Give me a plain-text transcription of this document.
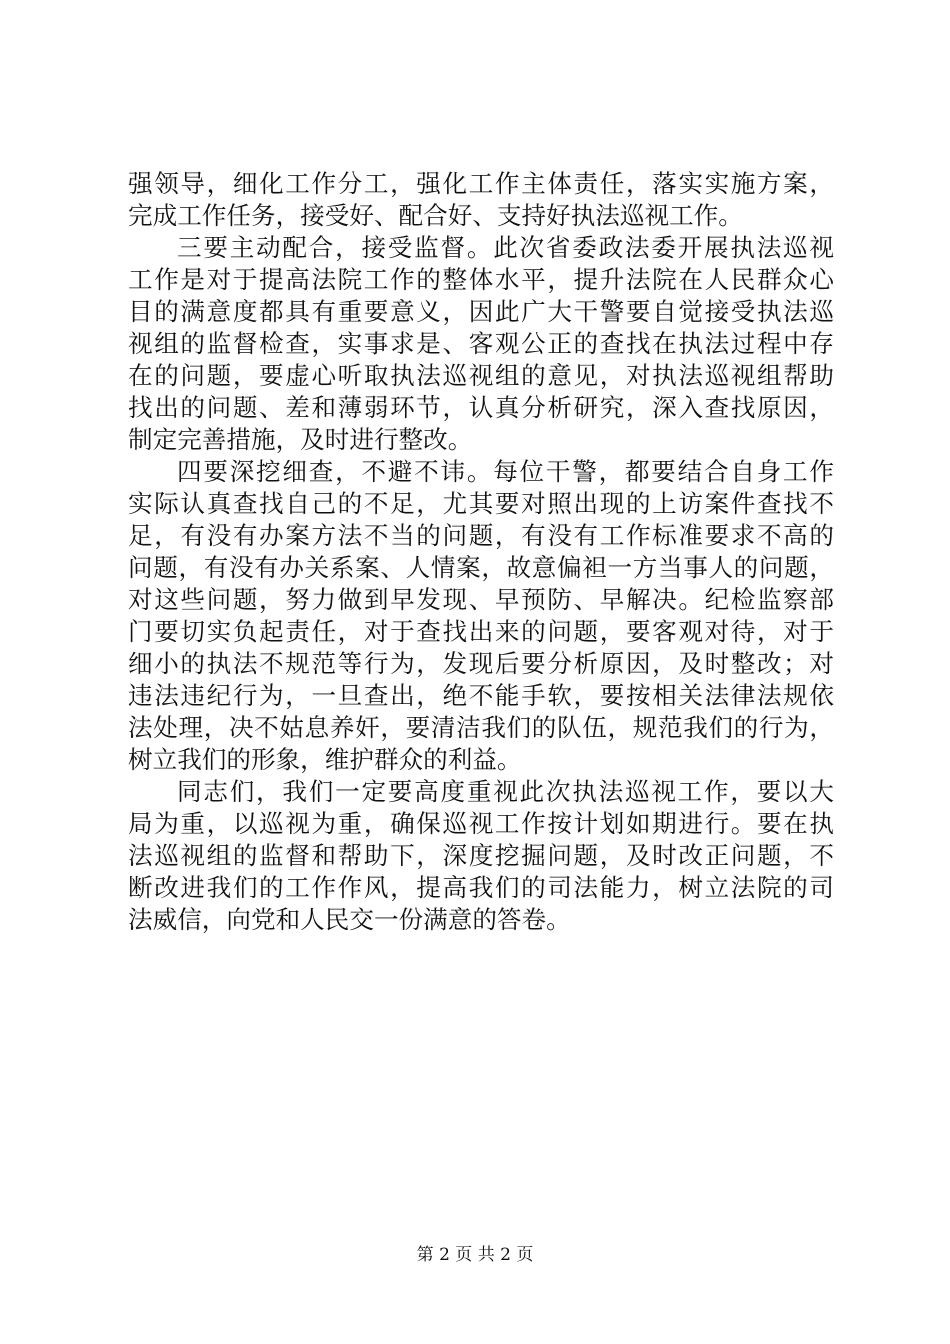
强领导，细化工作分工，强化工作主体责任，落实实施方案，
完成工作任务，接受好、配合好、支持好执法巡视工作。
三要主动配合，接受监督。此次省委政法委开展执法巡视
工作是对于提高法院工作的整体水平，提升法院在人民群众心
目的满意度都具有重要意义，因此广大干警要自觉接受执法巡
视组的监督检查，实事求是、客观公正的查找在执法过程中存
在的问题，要虚心听取执法巡视组的意见，对执法巡视组帮助
找出的问题、差和薄弱环节，认真分析研究，深入查找原因，
制定完善措施，及时进行整改。
四要深挖细查，不避不讳。每位干警，都要结合自身工作
实际认真查找自己的不足，尤其要对照出现的上访案件查找不
足，有没有办案方法不当的问题，有没有工作标准要求不高的
问题，有没有办关系案、人情案，故意偏袒一方当事人的问题，
对这些问题，努力做到早发现、早预防、早解决。纪检监察部
门要切实负起责任，对于查找出来的问题，要客观对待，对于
细小的执法不规范等行为，发现后要分析原因，及时整改；对
违法违纪行为，一旦查出，绝不能手软，要按相关法律法规依
法处理，决不姑息养奸，要清洁我们的队伍，规范我们的行为，
树立我们的形象，维护群众的利益。
同志们，我们一定要高度重视此次执法巡视工作，要以大
局为重，以巡视为重，确保巡视工作按计划如期进行。要在执
法巡视组的监督和帮助下，深度挖掘问题，及时改正问题，不
断改进我们的工作作风，提高我们的司法能力，树立法院的司
法威信，向党和人民交一份满意的答卷。
第 2 页 共 2 页
